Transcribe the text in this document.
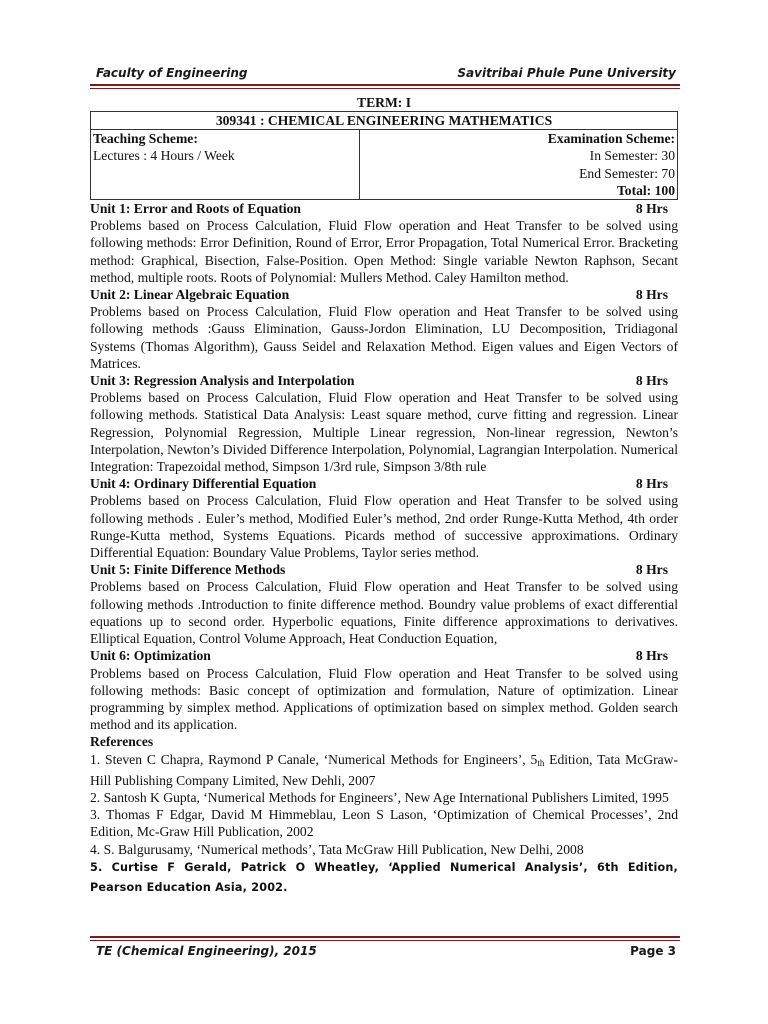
Faculty of Engineering	Savitribai Phule Pune University
TERM: I
309341 : CHEMICAL ENGINEERING MATHEMATICS

Teaching Scheme:
Lectures : 4 Hours / Week

Examination Scheme:
In Semester: 30
End Semester: 70
Total: 100
Unit 1: Error and Roots of Equation	8 Hrs
Problems based on Process Calculation, Fluid Flow operation and Heat Transfer to be solved using following methods: Error Definition, Round of Error, Error Propagation, Total Numerical Error. Bracketing method: Graphical, Bisection, False-Position. Open Method: Single variable Newton Raphson, Secant method, multiple roots. Roots of Polynomial: Mullers Method. Caley Hamilton method.
Unit 2: Linear Algebraic Equation	8 Hrs
Problems based on Process Calculation, Fluid Flow operation and Heat Transfer to be solved using following methods :Gauss Elimination, Gauss-Jordon Elimination, LU Decomposition, Tridiagonal Systems (Thomas Algorithm), Gauss Seidel and Relaxation Method. Eigen values and Eigen Vectors of Matrices.
Unit 3: Regression Analysis and Interpolation	8 Hrs
Problems based on Process Calculation, Fluid Flow operation and Heat Transfer to be solved using following methods. Statistical Data Analysis: Least square method, curve fitting and regression. Linear Regression, Polynomial Regression, Multiple Linear regression, Non-linear regression, Newton’s Interpolation, Newton’s Divided Difference Interpolation, Polynomial, Lagrangian Interpolation. Numerical Integration: Trapezoidal method, Simpson 1/3rd rule, Simpson 3/8th rule
Unit 4: Ordinary Differential Equation	8 Hrs
Problems based on Process Calculation, Fluid Flow operation and Heat Transfer to be solved using following methods . Euler’s method, Modified Euler’s method, 2nd order Runge-Kutta Method, 4th order Runge-Kutta method, Systems Equations. Picards method of successive approximations. Ordinary Differential Equation: Boundary Value Problems, Taylor series method.
Unit 5: Finite Difference Methods	8 Hrs
Problems based on Process Calculation, Fluid Flow operation and Heat Transfer to be solved using following methods .Introduction to finite difference method. Boundry value problems of exact differential equations up to second order. Hyperbolic equations, Finite difference approximations to derivatives. Elliptical Equation, Control Volume Approach, Heat Conduction Equation,
Unit 6: Optimization	8 Hrs
Problems based on Process Calculation, Fluid Flow operation and Heat Transfer to be solved using following methods: Basic concept of optimization and formulation, Nature of optimization. Linear programming by simplex method. Applications of optimization based on simplex method. Golden search method and its application.
References
1. Steven C Chapra, Raymond P Canale, ‘Numerical Methods for Engineers’, $5_{th}$ Edition, Tata McGraw-Hill Publishing Company Limited, New Dehli, 2007
2. Santosh K Gupta, ‘Numerical Methods for Engineers’, New Age International Publishers Limited, 1995
3. Thomas F Edgar, David M Himmeblau, Leon S Lason, ‘Optimization of Chemical Processes’, 2nd Edition, Mc-Graw Hill Publication, 2002
4. S. Balgurusamy, ‘Numerical methods’, Tata McGraw Hill Publication, New Delhi, 2008
5. Curtise F Gerald, Patrick O Wheatley, ‘Applied Numerical Analysis’, 6th Edition, Pearson Education Asia, 2002.
TE (Chemical Engineering), 2015	Page 3
